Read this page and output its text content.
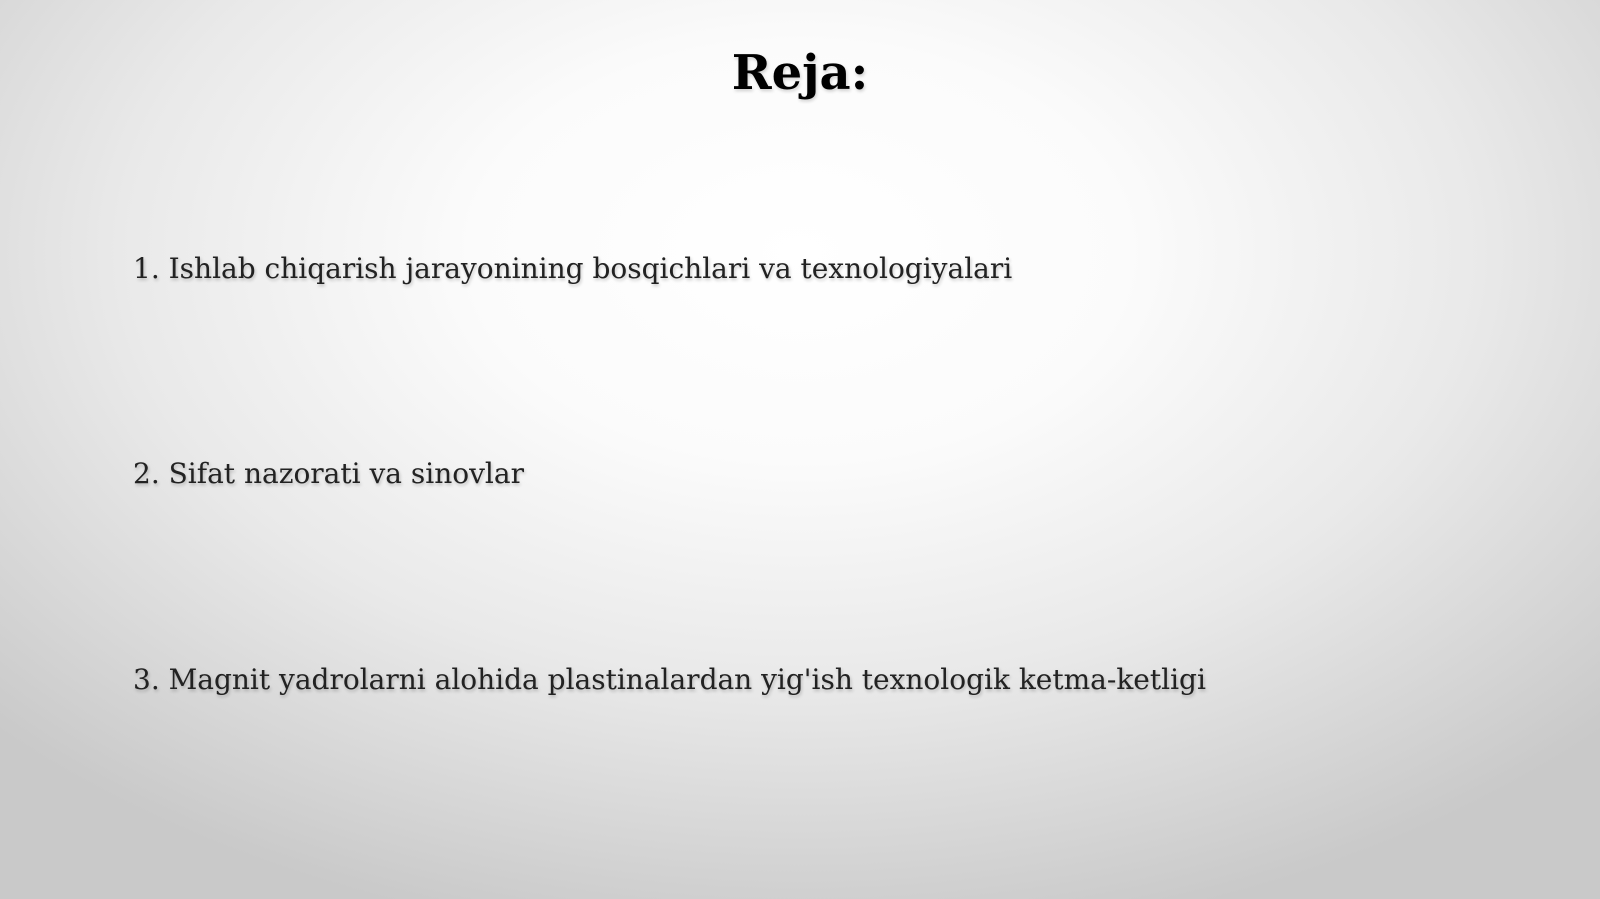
Reja:
1. Ishlab chiqarish jarayonining bosqichlari va texnologiyalari
2. Sifat nazorati va sinovlar
3. Magnit yadrolarni alohida plastinalardan yig'ish texnologik ketma-ketligi
